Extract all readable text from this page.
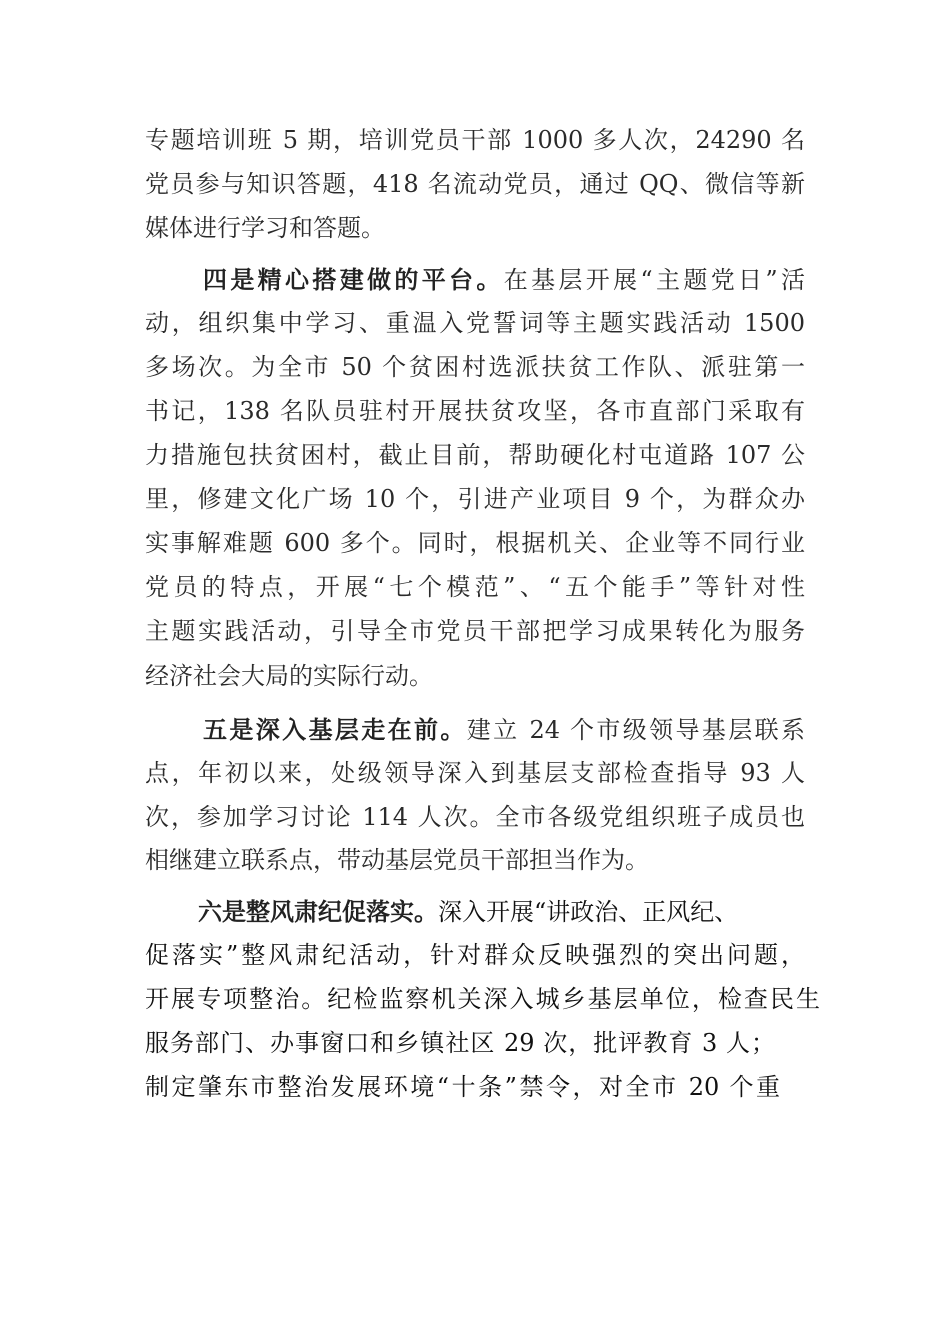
专题培训班 5 期，培训党员干部 1000 多人次，24290 名
党员参与知识答题，418 名流动党员，通过 QQ、微信等新
媒体进行学习和答题。
四是精心搭建做的平台。在基层开展“主题党日”活
动，组织集中学习、重温入党誓词等主题实践活动 1500
多场次。为全市 50 个贫困村选派扶贫工作队、派驻第一
书记，138 名队员驻村开展扶贫攻坚，各市直部门采取有
力措施包扶贫困村，截止目前，帮助硬化村屯道路 107 公
里，修建文化广场 10 个，引进产业项目 9 个，为群众办
实事解难题 600 多个。同时，根据机关、企业等不同行业
党员的特点，开展“七个模范”、“五个能手”等针对性
主题实践活动，引导全市党员干部把学习成果转化为服务
经济社会大局的实际行动。
五是深入基层走在前。建立 24 个市级领导基层联系
点，年初以来，处级领导深入到基层支部检查指导 93 人
次，参加学习讨论 114 人次。全市各级党组织班子成员也
相继建立联系点，带动基层党员干部担当作为。
六是整风肃纪促落实。深入开展“讲政治、正风纪、
促落实”整风肃纪活动，针对群众反映强烈的突出问题，
开展专项整治。纪检监察机关深入城乡基层单位，检查民生
服务部门、办事窗口和乡镇社区 29 次，批评教育 3 人；
制定肇东市整治发展环境“十条”禁令，对全市 20 个重
